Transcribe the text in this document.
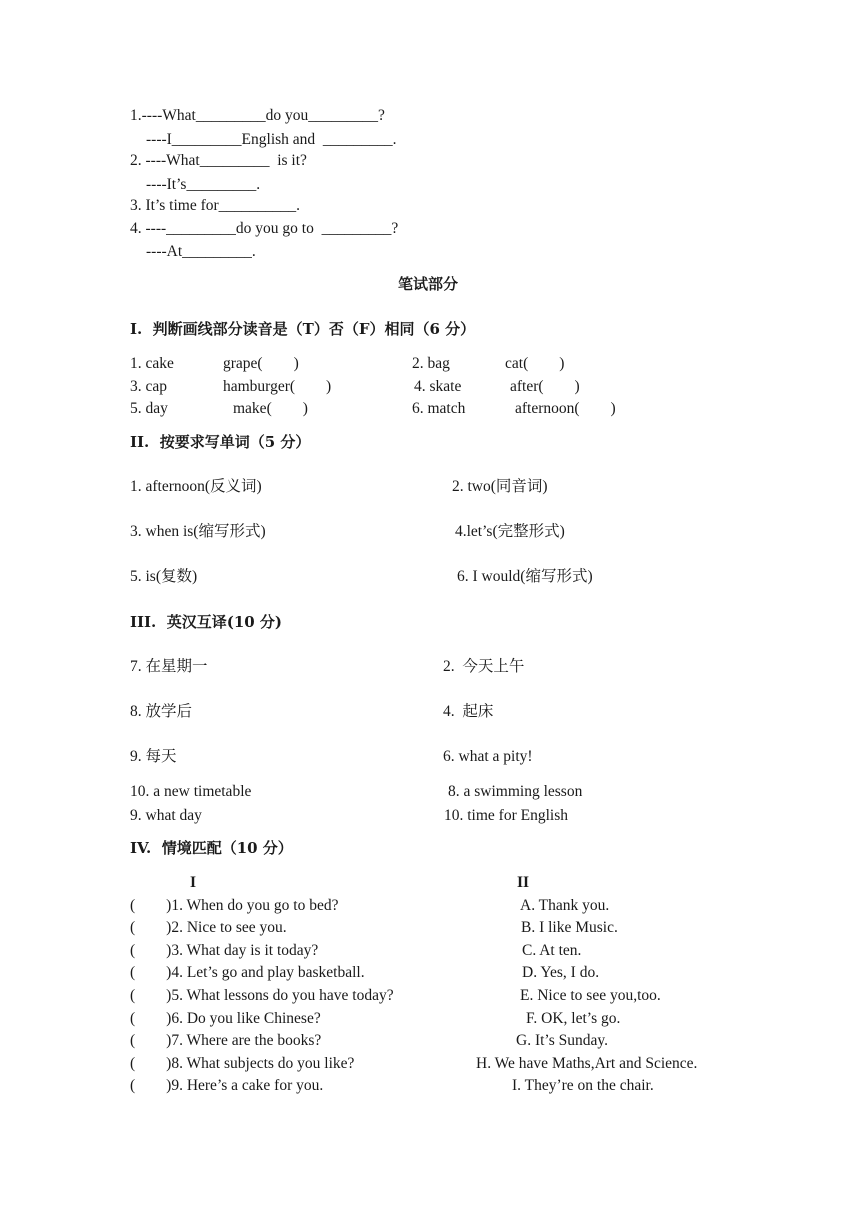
1.----What_________do you_________?
----I_________English and  _________.
2. ----What_________  is it?
----It’s_________.
3. It’s time for__________.
4. ----_________do you go to  _________?
----At_________.
笔试部分
I.  判断画线部分读音是（T）否（F）相同（6 分）
1. cake	grape(        )	2. bag	cat(        )
3. cap	hamburger(        )	4. skate	after(        )
5. day	make(        )	6. match	afternoon(        )
II.  按要求写单词（5 分）
1. afternoon(反义词)	2. two(同音词)
3. when is(缩写形式)	4.let’s(完整形式)
5. is(复数)	6. I would(缩写形式)
III.  英汉互译(10 分)
7. 在星期一	2.  今天上午
8. 放学后	4.  起床
9. 每天	6. what a pity!
10. a new timetable	8. a swimming lesson
9. what day	10. time for English
IV.  情境匹配（10 分）
I	II
(        )1. When do you go to bed?	A. Thank you.
(        )2. Nice to see you.	B. I like Music.
(        )3. What day is it today?	C. At ten.
(        )4. Let’s go and play basketball.	D. Yes, I do.
(        )5. What lessons do you have today?	E. Nice to see you,too.
(        )6. Do you like Chinese?	F. OK, let’s go.
(        )7. Where are the books?	G. It’s Sunday.
(        )8. What subjects do you like?	H. We have Maths,Art and Science.
(        )9. Here’s a cake for you.	I. They’re on the chair.
